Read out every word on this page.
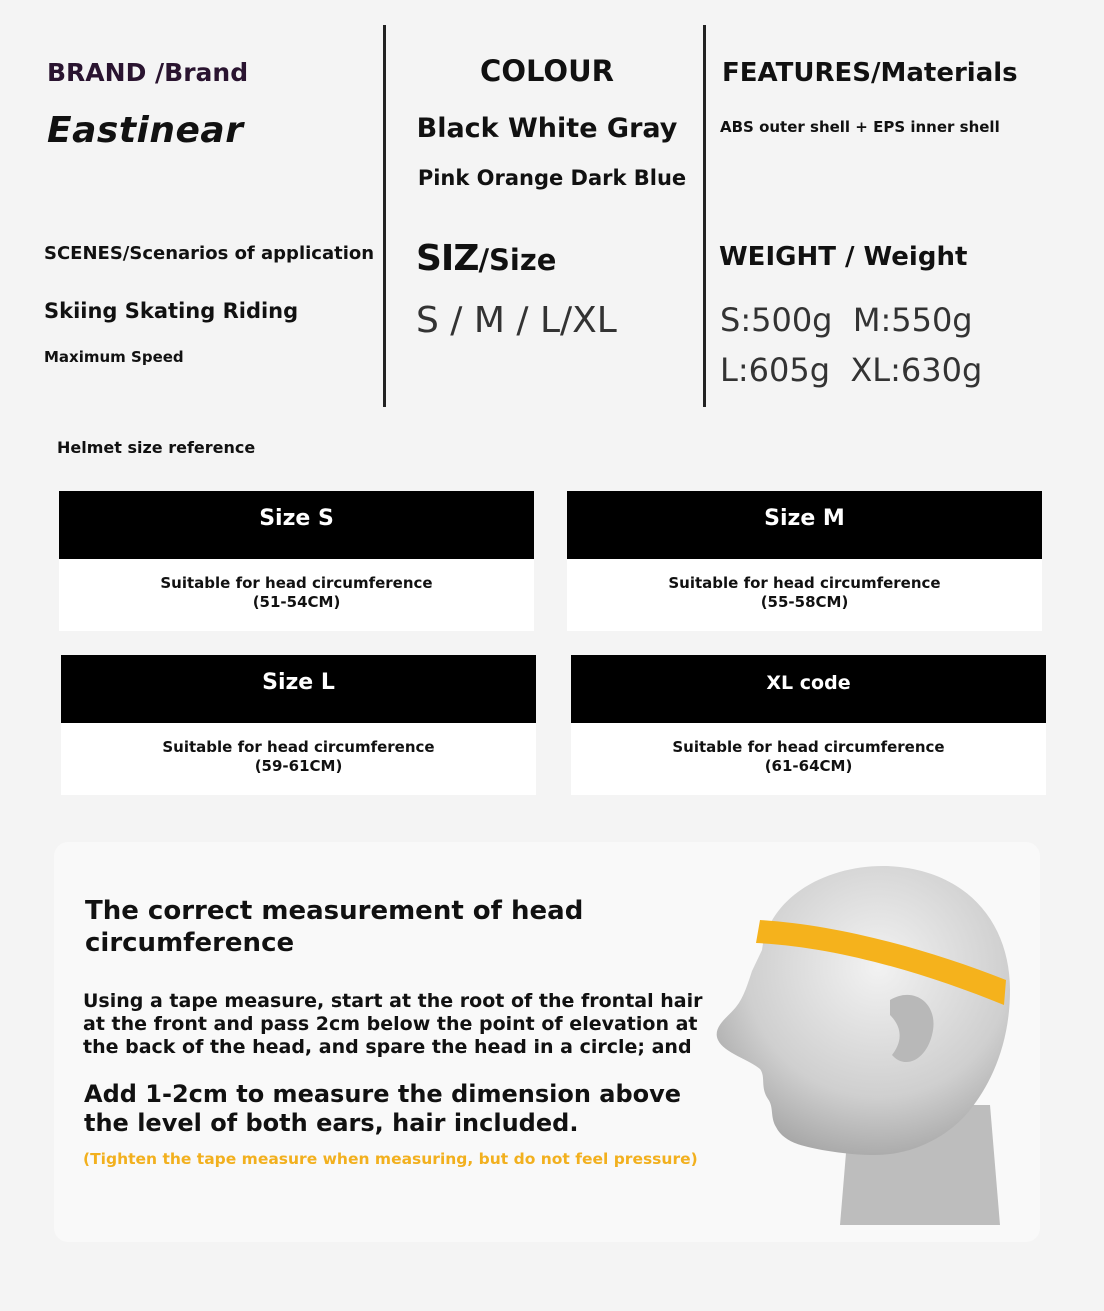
BRAND /Brand
Eastinear
SCENES/Scenarios of application
Skiing Skating Riding
Maximum Speed
COLOUR
Black White Gray
Pink Orange Dark Blue
SIZ/Size
S / M / L/XL
FEATURES/Materials
ABS outer shell + EPS inner shell
WEIGHT / Weight
S:500g  M:550g
L:605g  XL:630g
Helmet size reference
Size S
Suitable for head circumference
(51-54CM)
Size M
Suitable for head circumference
(55-58CM)
Size L
Suitable for head circumference
(59-61CM)
XL code
Suitable for head circumference
(61-64CM)
The correct measurement of head circumference
Using a tape measure, start at the root of the frontal hair at the front and pass 2cm below the point of elevation at the back of the head, and spare the head in a circle; and
Add 1-2cm to measure the dimension above the level of both ears, hair included.
(Tighten the tape measure when measuring, but do not feel pressure)
